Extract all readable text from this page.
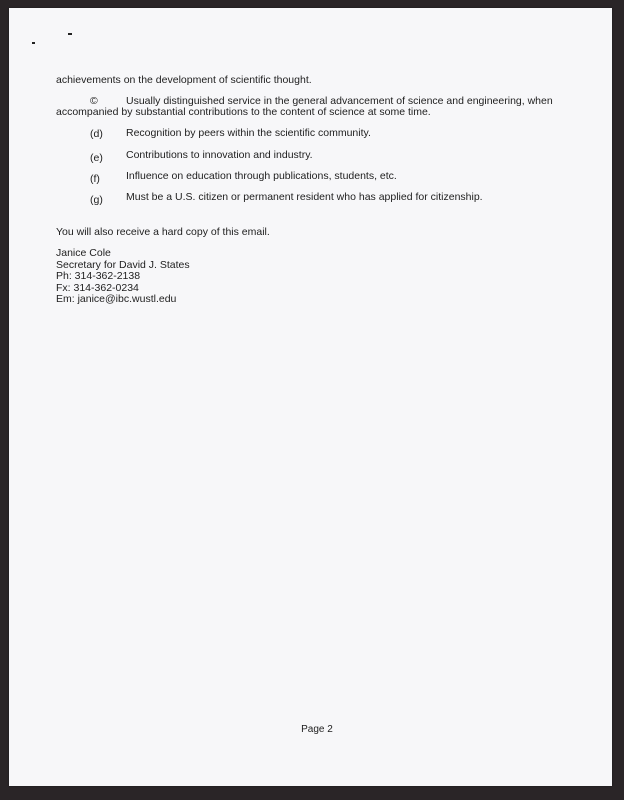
achievements on the development of scientific thought.
©	Usually distinguished service in the general advancement of science and engineering, when
accompanied by substantial contributions to the content of science at some time.
(d) Recognition by peers within the scientific community.
(e) Contributions to innovation and industry.
(f) Influence on education through publications, students, etc.
(g) Must be a U.S. citizen or permanent resident who has applied for citizenship.
You will also receive a hard copy of this email.
Janice Cole
Secretary for David J. States
Ph: 314-362-2138
Fx: 314-362-0234
Em: janice@ibc.wustl.edu
Page 2
